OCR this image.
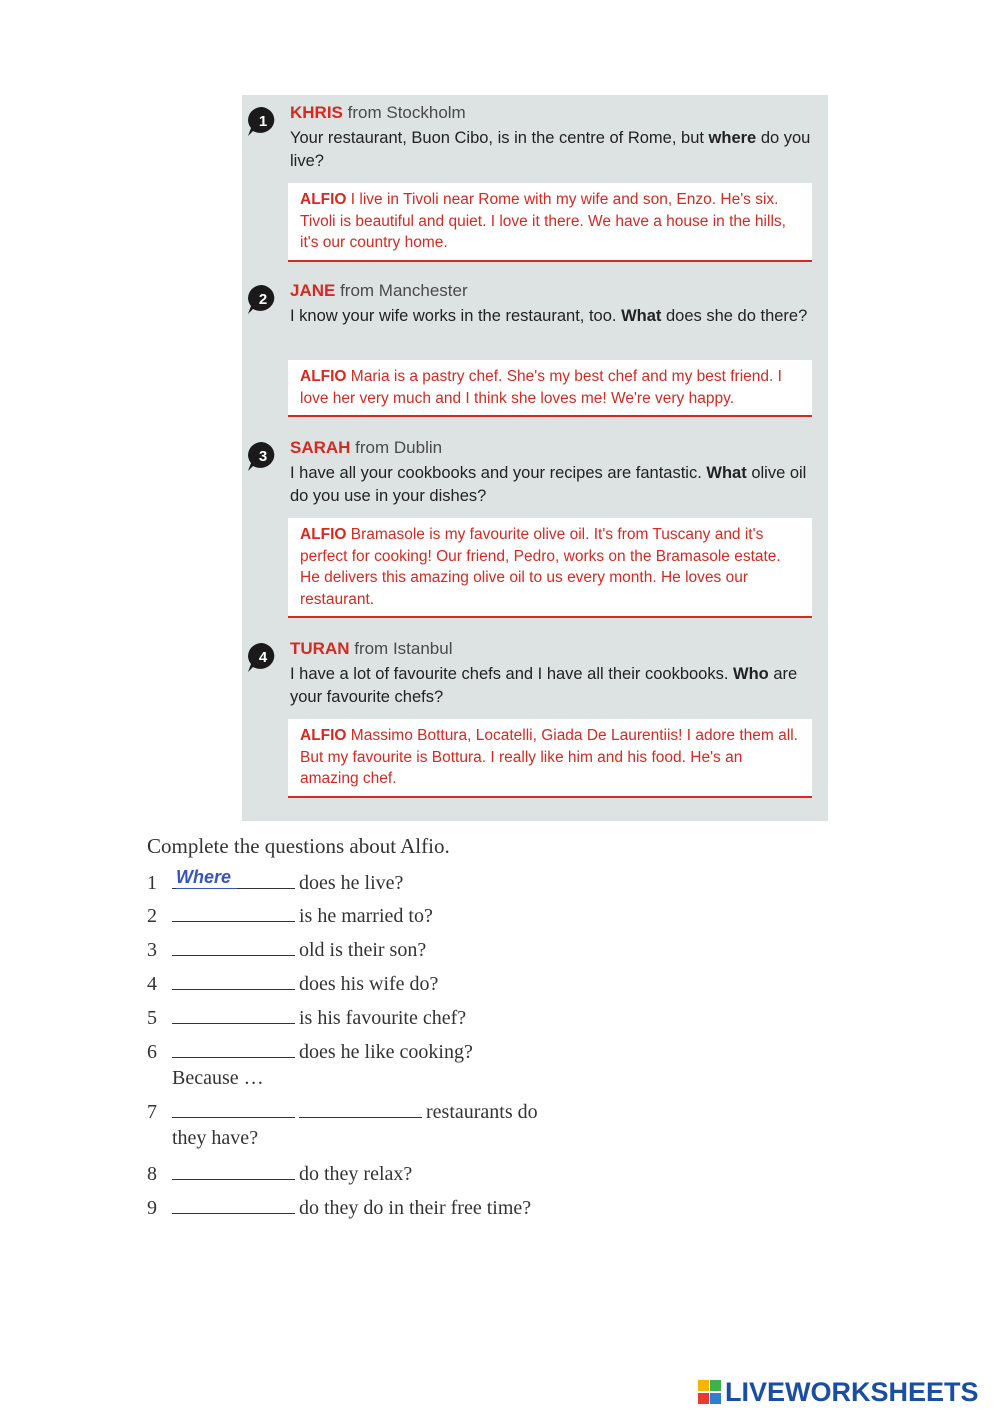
1 KHRIS from Stockholm
Your restaurant, Buon Cibo, is in the centre of Rome, but where do you live?
ALFIO I live in Tivoli near Rome with my wife and son, Enzo. He's six. Tivoli is beautiful and quiet. I love it there. We have a house in the hills, it's our country home.
2 JANE from Manchester
I know your wife works in the restaurant, too. What does she do there?
ALFIO Maria is a pastry chef. She's my best chef and my best friend. I love her very much and I think she loves me! We're very happy.
3 SARAH from Dublin
I have all your cookbooks and your recipes are fantastic. What olive oil do you use in your dishes?
ALFIO Bramasole is my favourite olive oil. It's from Tuscany and it's perfect for cooking! Our friend, Pedro, works on the Bramasole estate. He delivers this amazing olive oil to us every month. He loves our restaurant.
4 TURAN from Istanbul
I have a lot of favourite chefs and I have all their cookbooks. Who are your favourite chefs?
ALFIO Massimo Bottura, Locatelli, Giada De Laurentiis! I adore them all. But my favourite is Bottura. I really like him and his food. He's an amazing chef.
Complete the questions about Alfio.
1 Where	does he live?
2	is he married to?
3	old is their son?
4	does his wife do?
5	is his favourite chef?
6	does he like cooking?
Because …
7	restaurants do
they have?
8	do they relax?
9	do they do in their free time?
LIVEWORKSHEETS
